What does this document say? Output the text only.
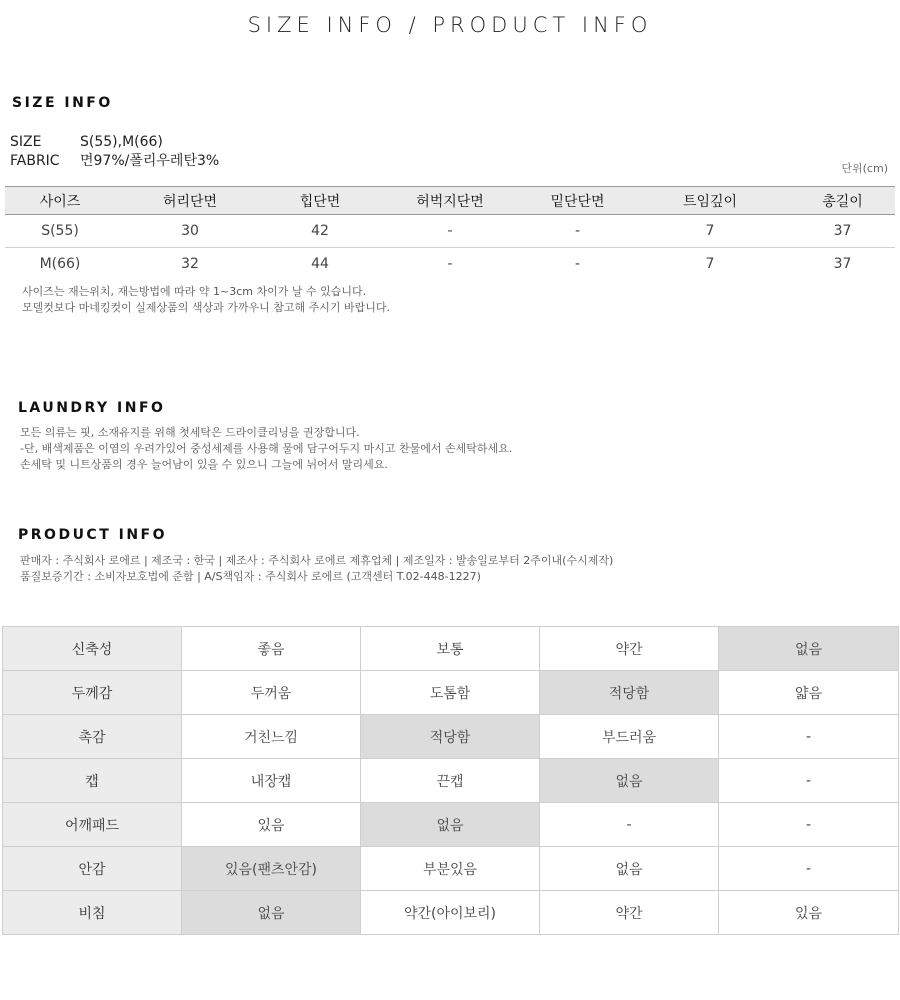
SIZE INFO / PRODUCT INFO
SIZE INFO
SIZE	S(55),M(66)
FABRIC 면97%/폴리우레탄3%	단위(cm)
사이즈	허리단면	힙단면	허벅지단면	밑단단면	트임깊이	총길이
S(55)	30	42	-	-	7	37
M(66)	32	44	-	-	7	37
사이즈는 재는위치, 재는방법에 따라 약 1~3cm 차이가 날 수 있습니다.
모델컷보다 마네킹컷이 실제상품의 색상과 가까우니 참고해 주시기 바랍니다.
LAUNDRY INFO
모든 의류는 핏, 소재유지를 위해 첫세탁은 드라이클리닝을 권장합니다.
-단, 배색제품은 이염의 우려가있어 중성세제를 사용해 물에 담구어두지 마시고 찬물에서 손세탁하세요.
손세탁 및 니트상품의 경우 늘어남이 있을 수 있으니 그늘에 뉘어서 말리세요.
PRODUCT INFO
판매자 : 주식회사 로에르 | 제조국 : 한국 | 제조사 : 주식회사 로에르 제휴업체 | 제조일자 : 발송일로부터 2주이내(수시제작)
품질보증기간 : 소비자보호법에 준함 | A/S책임자 : 주식회사 로에르 (고객센터 T.02-448-1227)
신축성	좋음	보통	약간	없음
두께감	두꺼움	도톰함	적당함	얇음
촉감	거친느낌	적당함	부드러움	-
캡	내장캡	끈캡	없음	-
어깨패드	있음	없음	-	-
안감	있음(팬츠안감)	부분있음	없음	-
비침	없음	약간(아이보리)	약간	있음
